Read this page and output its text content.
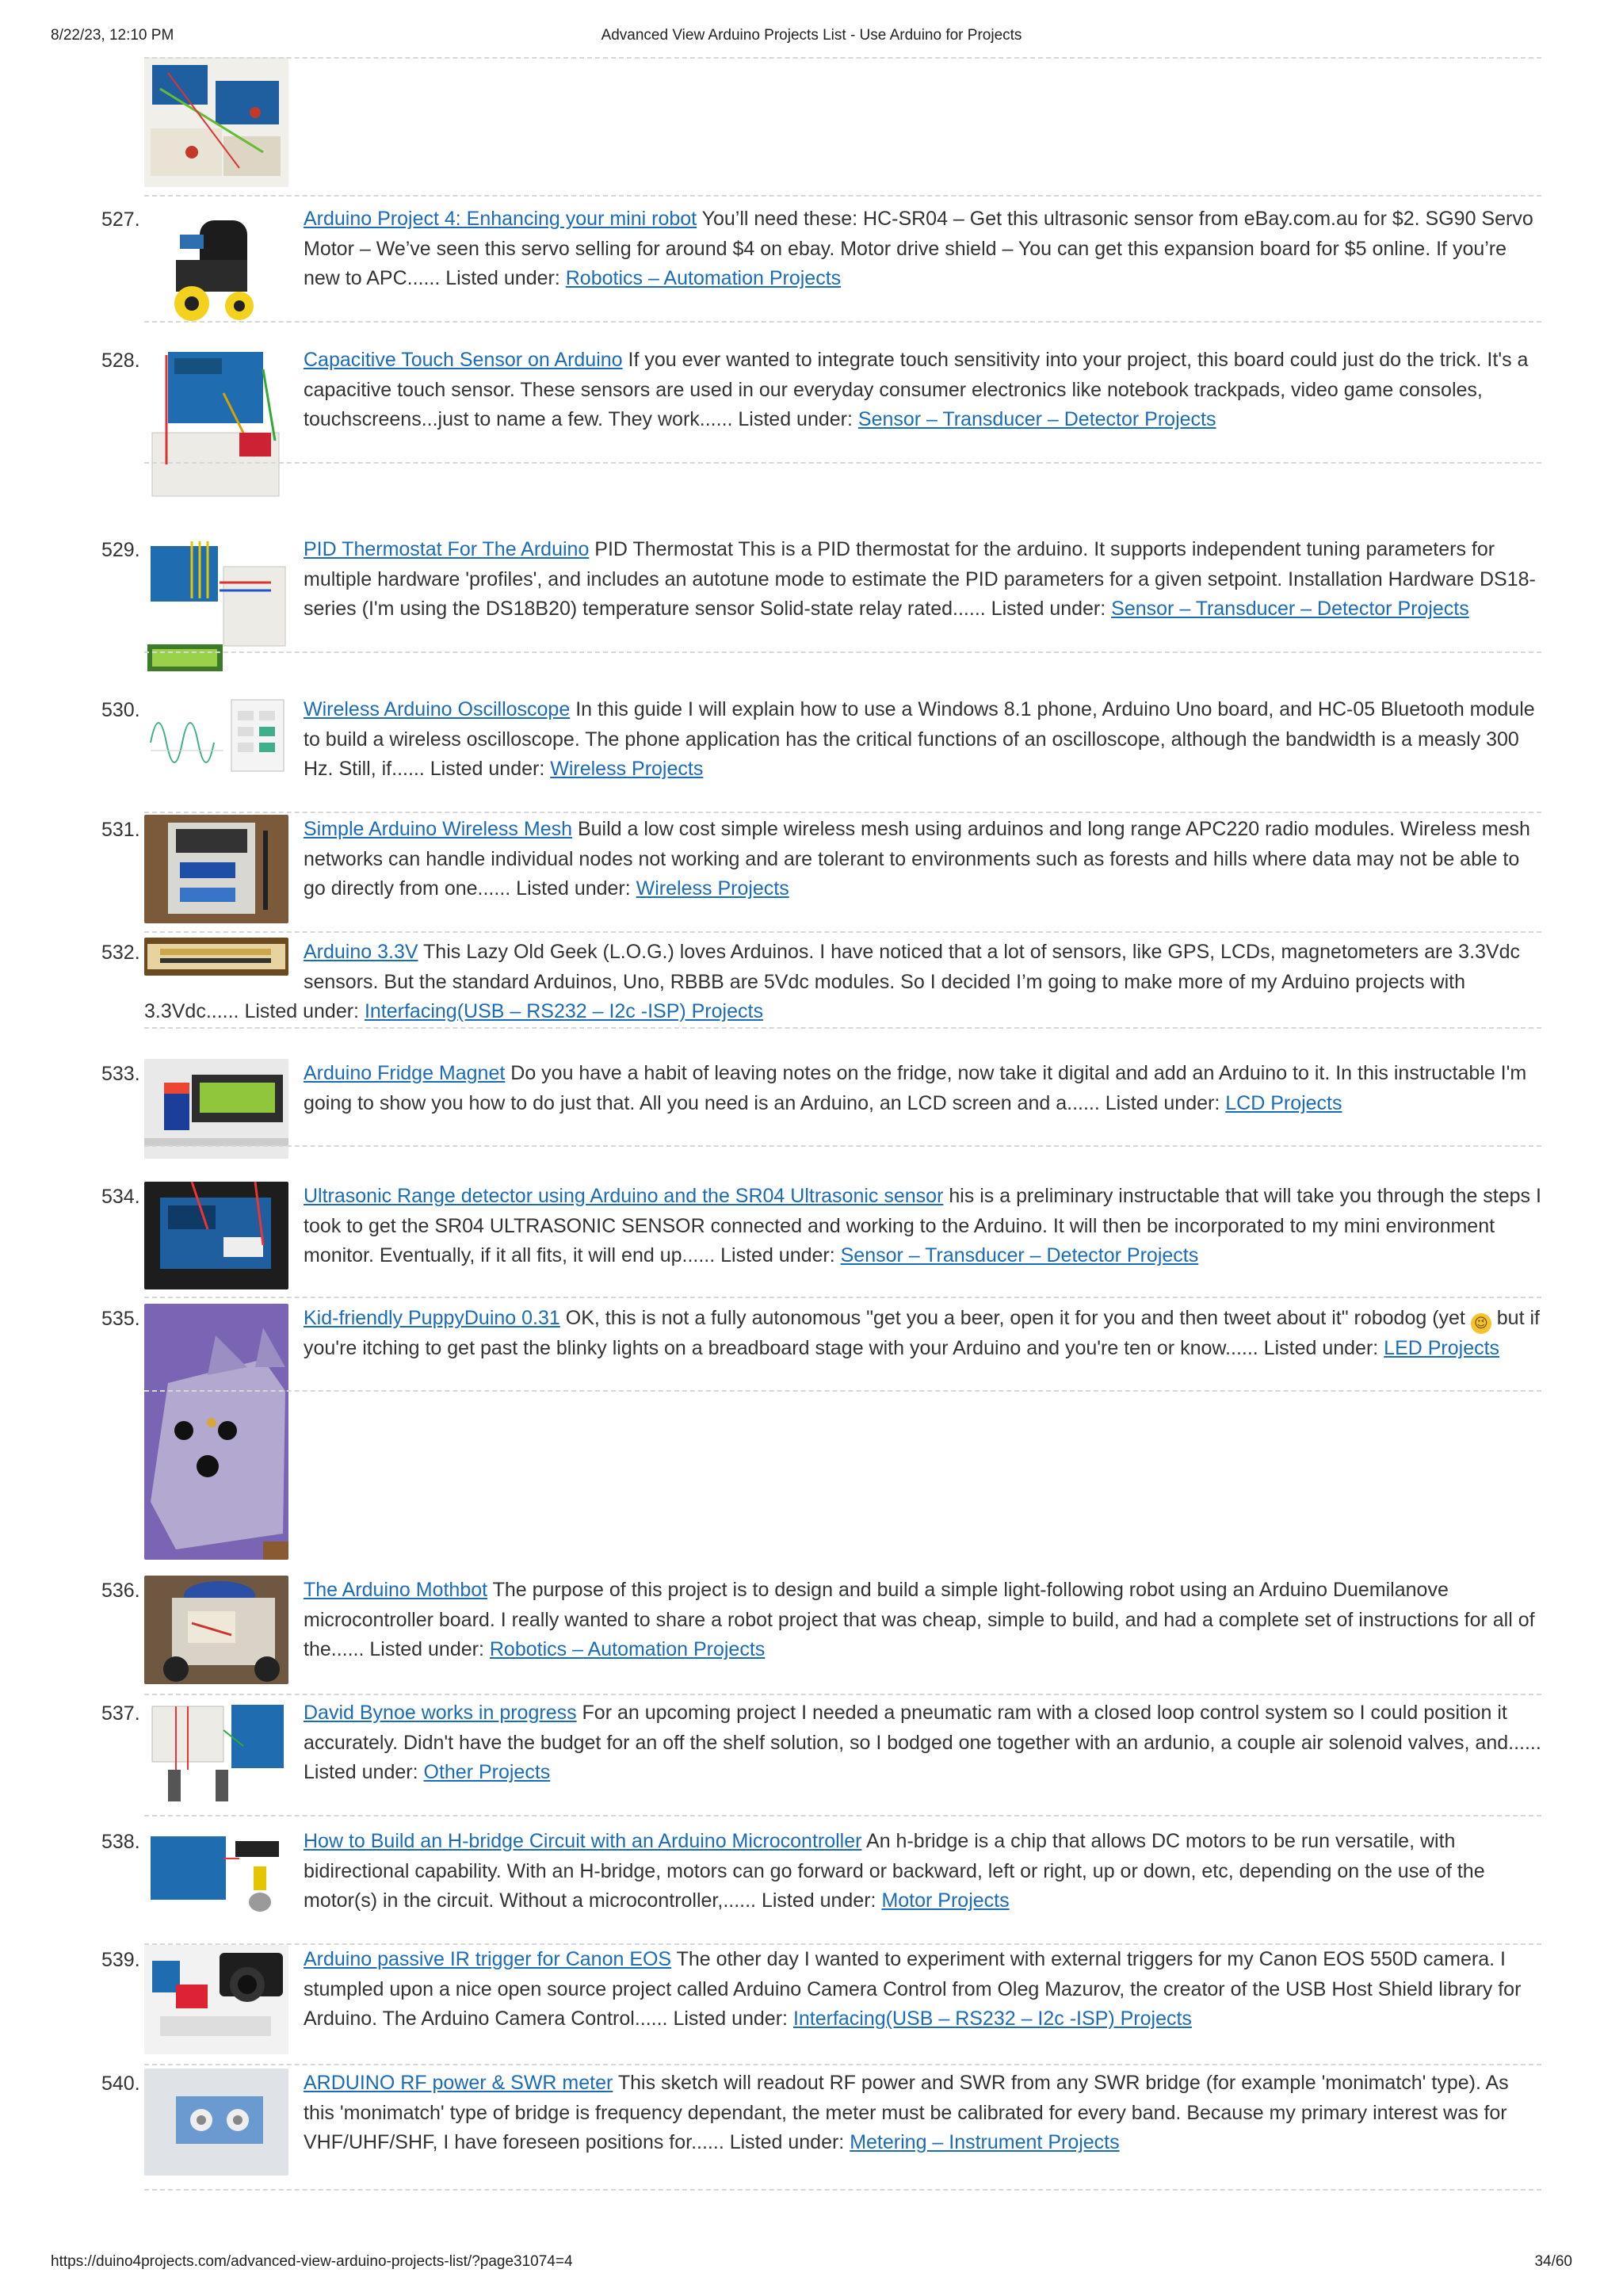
8/22/23, 12:10 PM	Advanced View Arduino Projects List - Use Arduino for Projects
527.	Arduino Project 4: Enhancing your mini robot You’ll need these: HC-SR04 – Get this ultrasonic sensor from eBay.com.au for $2. SG90 Servo Motor – We’ve seen this servo selling for around $4 on ebay. Motor drive shield – You can get this expansion board for $5 online. If you’re new to APC...... Listed under: Robotics – Automation Projects
528.	Capacitive Touch Sensor on Arduino If you ever wanted to integrate touch sensitivity into your project, this board could just do the trick. It's a capacitive touch sensor. These sensors are used in our everyday consumer electronics like notebook trackpads, video game consoles, touchscreens...just to name a few. They work...... Listed under: Sensor – Transducer – Detector Projects
529.	PID Thermostat For The Arduino PID Thermostat This is a PID thermostat for the arduino. It supports independent tuning parameters for multiple hardware 'profiles', and includes an autotune mode to estimate the PID parameters for a given setpoint. Installation Hardware DS18-series (I'm using the DS18B20) temperature sensor Solid-state relay rated...... Listed under: Sensor – Transducer – Detector Projects
530.	Wireless Arduino Oscilloscope In this guide I will explain how to use a Windows 8.1 phone, Arduino Uno board, and HC-05 Bluetooth module to build a wireless oscilloscope. The phone application has the critical functions of an oscilloscope, although the bandwidth is a measly 300 Hz. Still, if...... Listed under: Wireless Projects
531.	Simple Arduino Wireless Mesh Build a low cost simple wireless mesh using arduinos and long range APC220 radio modules. Wireless mesh networks can handle individual nodes not working and are tolerant to environments such as forests and hills where data may not be able to go directly from one...... Listed under: Wireless Projects
532.	Arduino 3.3V This Lazy Old Geek (L.O.G.) loves Arduinos. I have noticed that a lot of sensors, like GPS, LCDs, magnetometers are 3.3Vdc sensors. But the standard Arduinos, Uno, RBBB are 5Vdc modules. So I decided I’m going to make more of my Arduino projects with
3.3Vdc...... Listed under: Interfacing(USB – RS232 – I2c -ISP) Projects
533.	Arduino Fridge Magnet Do you have a habit of leaving notes on the fridge, now take it digital and add an Arduino to it. In this instructable I'm going to show you how to do just that. All you need is an Arduino, an LCD screen and a...... Listed under: LCD Projects
534.	Ultrasonic Range detector using Arduino and the SR04 Ultrasonic sensor his is a preliminary instructable that will take you through the steps I took to get the SR04 ULTRASONIC SENSOR connected and working to the Arduino. It will then be incorporated to my mini environment monitor. Eventually, if it all fits, it will end up...... Listed under: Sensor – Transducer – Detector Projects
535.	Kid-friendly PuppyDuino 0.31 OK, this is not a fully autonomous "get you a beer, open it for you and then tweet about it" robodog (yet 😉 but if you're itching to get past the blinky lights on a breadboard stage with your Arduino and you're ten or know...... Listed under: LED Projects
536.	The Arduino Mothbot The purpose of this project is to design and build a simple light-following robot using an Arduino Duemilanove microcontroller board. I really wanted to share a robot project that was cheap, simple to build, and had a complete set of instructions for all of the...... Listed under: Robotics – Automation Projects
537.	David Bynoe works in progress For an upcoming project I needed a pneumatic ram with a closed loop control system so I could position it accurately. Didn't have the budget for an off the shelf solution, so I bodged one together with an ardunio, a couple air solenoid valves, and...... Listed under: Other Projects
538.	How to Build an H-bridge Circuit with an Arduino Microcontroller An h-bridge is a chip that allows DC motors to be run versatile, with bidirectional capability. With an H-bridge, motors can go forward or backward, left or right, up or down, etc, depending on the use of the motor(s) in the circuit. Without a microcontroller,...... Listed under: Motor Projects
539.	Arduino passive IR trigger for Canon EOS The other day I wanted to experiment with external triggers for my Canon EOS 550D camera. I stumpled upon a nice open source project called Arduino Camera Control from Oleg Mazurov, the creator of the USB Host Shield library for Arduino. The Arduino Camera Control...... Listed under: Interfacing(USB – RS232 – I2c -ISP) Projects
540.	ARDUINO RF power & SWR meter This sketch will readout RF power and SWR from any SWR bridge (for example 'monimatch' type). As this 'monimatch' type of bridge is frequency dependant, the meter must be calibrated for every band. Because my primary interest was for VHF/UHF/SHF, I have foreseen positions for...... Listed under: Metering – Instrument Projects
https://duino4projects.com/advanced-view-arduino-projects-list/?page31074=4	34/60
